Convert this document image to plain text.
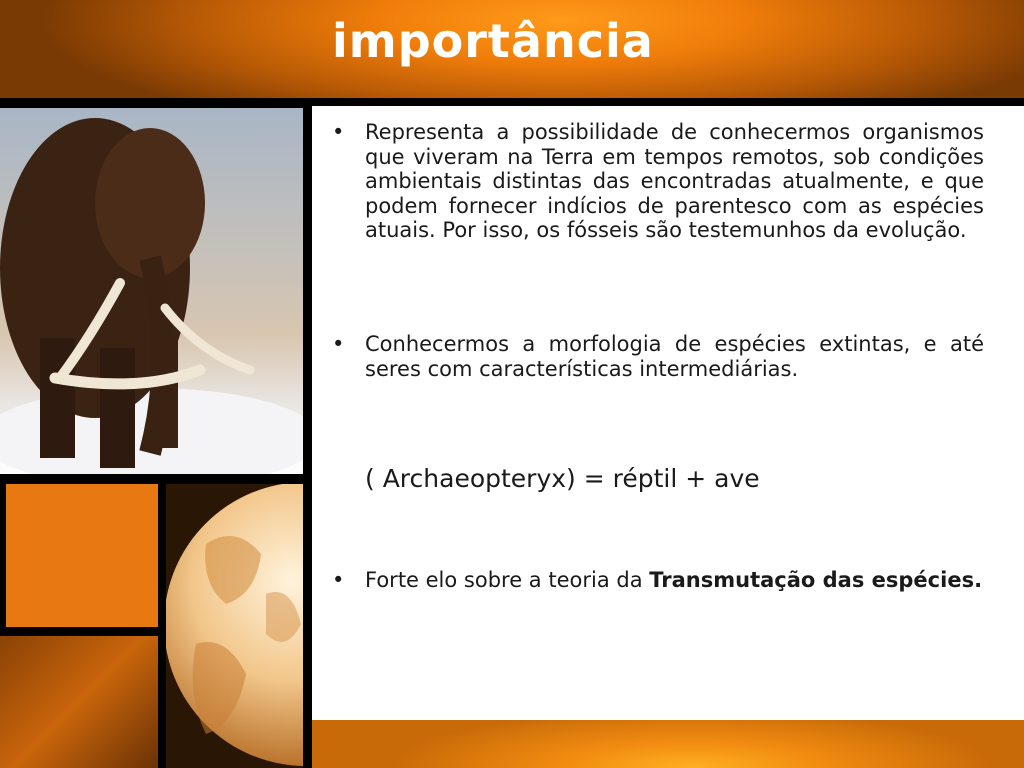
importância
• Representa a possibilidade de conhecermos organismos que viveram na Terra em tempos remotos, sob condições ambientais distintas das encontradas atualmente, e que podem fornecer indícios de parentesco com as espécies atuais. Por isso, os fósseis são testemunhos da evolução.
• Conhecermos a morfologia de espécies extintas, e até seres com características intermediárias.
( Archaeopteryx) = réptil + ave
• Forte elo sobre a teoria da Transmutação das espécies.
